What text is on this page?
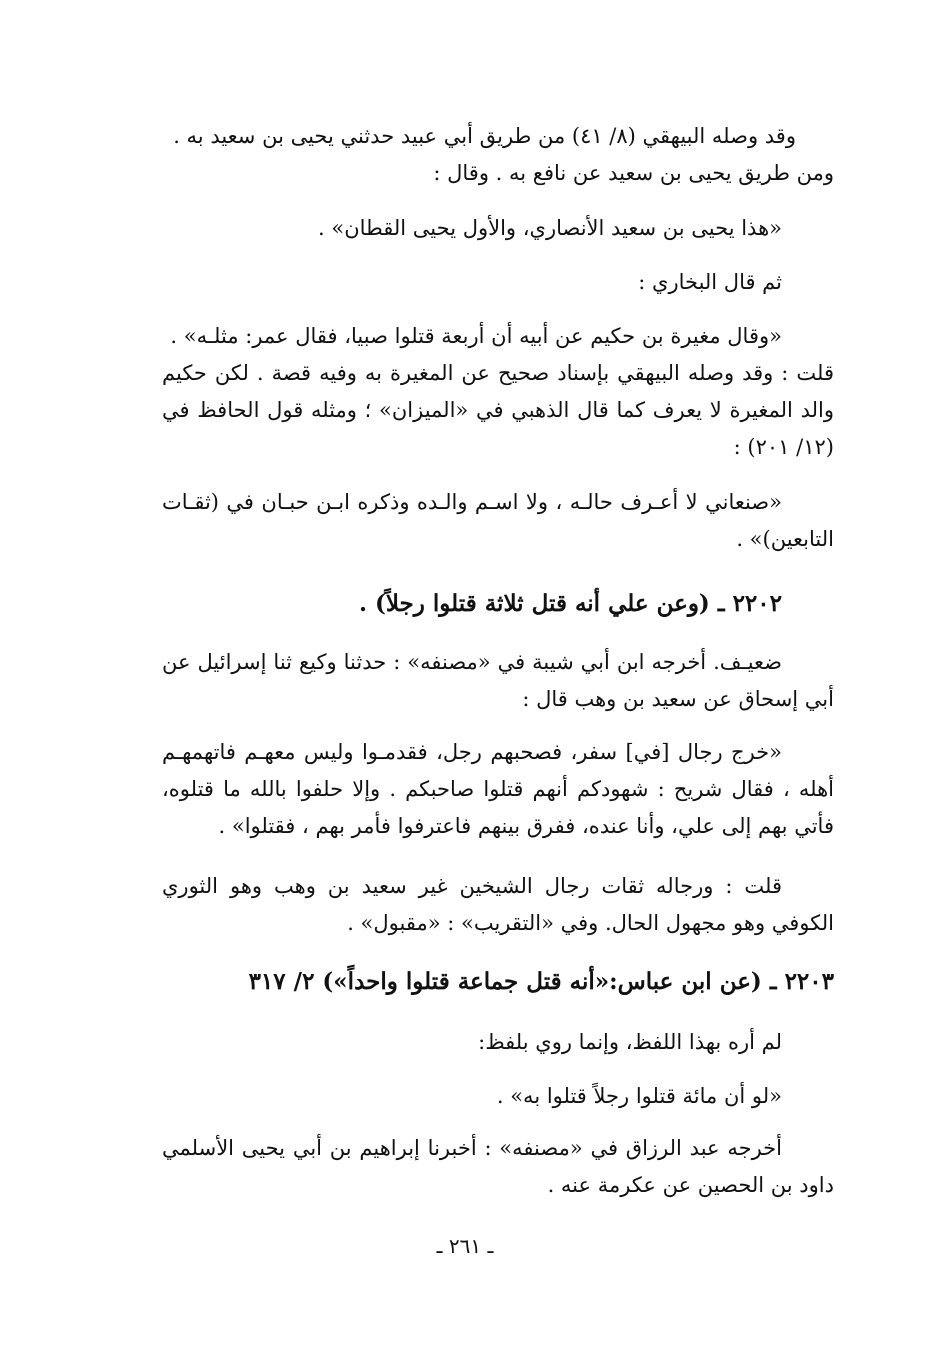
وقد وصله البيهقي (٨/ ٤١) من طريق أبي عبيد حدثني يحيى بن سعيد به .
ومن طريق يحيى بن سعيد عن نافع به . وقال :
«هذا يحيى بن سعيد الأنصاري، والأول يحيى القطان» .
ثم قال البخاري :
«وقال مغيرة بن حكيم عن أبيه أن أربعة قتلوا صبيا، فقال عمر: مثلـه» .
قلت : وقد وصله البيهقي بإسناد صحيح عن المغيرة به وفيه قصة . لكن حكيم
والد المغيرة لا يعرف كما قال الذهبي في «الميزان» ؛ ومثله قول الحافظ في
(١٢/ ٢٠١) :
«صنعاني لا أعـرف حالـه ، ولا اسـم والـده وذكره ابـن حبـان في (ثقـات
التابعين)» .
٢٢٠٢ ـ (وعن علي أنه قتل ثلاثة قتلوا رجلاً) .
ضعيـف. أخرجه ابن أبي شيبة في «مصنفه» : حدثنا وكيع ثنا إسرائيل عن
أبي إسحاق عن سعيد بن وهب قال :
«خرج رجال [في] سفر، فصحبهم رجل، فقدمـوا وليس معهـم فاتهمهـم
أهله ، فقال شريح : شهودكم أنهم قتلوا صاحبكم . وإلا حلفوا بالله ما قتلوه،
فأتي بهم إلى علي، وأنا عنده، ففرق بينهم فاعترفوا فأمر بهم ، فقتلوا» .
قلت : ورجاله ثقات رجال الشيخين غير سعيد بن وهب وهو الثوري
الكوفي وهو مجهول الحال. وفي «التقريب» : «مقبول» .
٢٢٠٣ ـ (عن ابن عباس:«أنه قتل جماعة قتلوا واحداً») ٢/ ٣١٧
لم أره بهذا اللفظ، وإنما روي بلفظ:
«لو أن مائة قتلوا رجلاً قتلوا به» .
أخرجه عبد الرزاق في «مصنفه» : أخبرنا إبراهيم بن أبي يحيى الأسلمي
داود بن الحصين عن عكرمة عنه .
ـ ٢٦١ ـ
